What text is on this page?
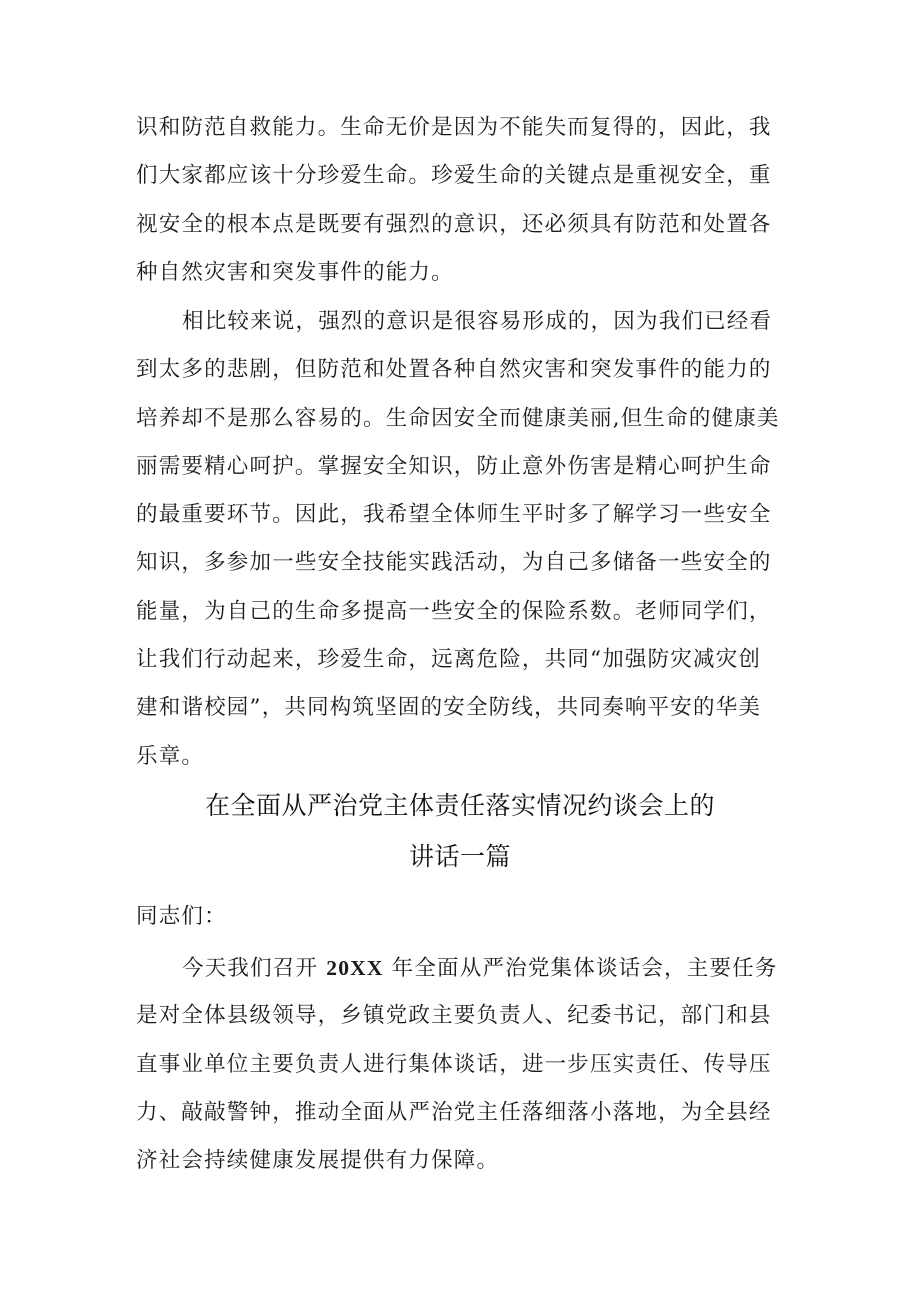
识和防范自救能力。生命无价是因为不能失而复得的，因此，我
们大家都应该十分珍爱生命。珍爱生命的关键点是重视安全，重
视安全的根本点是既要有强烈的意识，还必须具有防范和处置各
种自然灾害和突发事件的能力。
相比较来说，强烈的意识是很容易形成的，因为我们已经看
到太多的悲剧，但防范和处置各种自然灾害和突发事件的能力的
培养却不是那么容易的。生命因安全而健康美丽,但生命的健康美
丽需要精心呵护。掌握安全知识，防止意外伤害是精心呵护生命
的最重要环节。因此，我希望全体师生平时多了解学习一些安全
知识，多参加一些安全技能实践活动，为自己多储备一些安全的
能量，为自己的生命多提高一些安全的保险系数。老师同学们，
让我们行动起来，珍爱生命，远离危险，共同“加强防灾减灾创
建和谐校园”，共同构筑坚固的安全防线，共同奏响平安的华美
乐章。
在全面从严治党主体责任落实情况约谈会上的
讲话一篇
同志们：
今天我们召开 20XX 年全面从严治党集体谈话会，主要任务
是对全体县级领导，乡镇党政主要负责人、纪委书记，部门和县
直事业单位主要负责人进行集体谈话，进一步压实责任、传导压
力、敲敲警钟，推动全面从严治党主任落细落小落地，为全县经
济社会持续健康发展提供有力保障。
